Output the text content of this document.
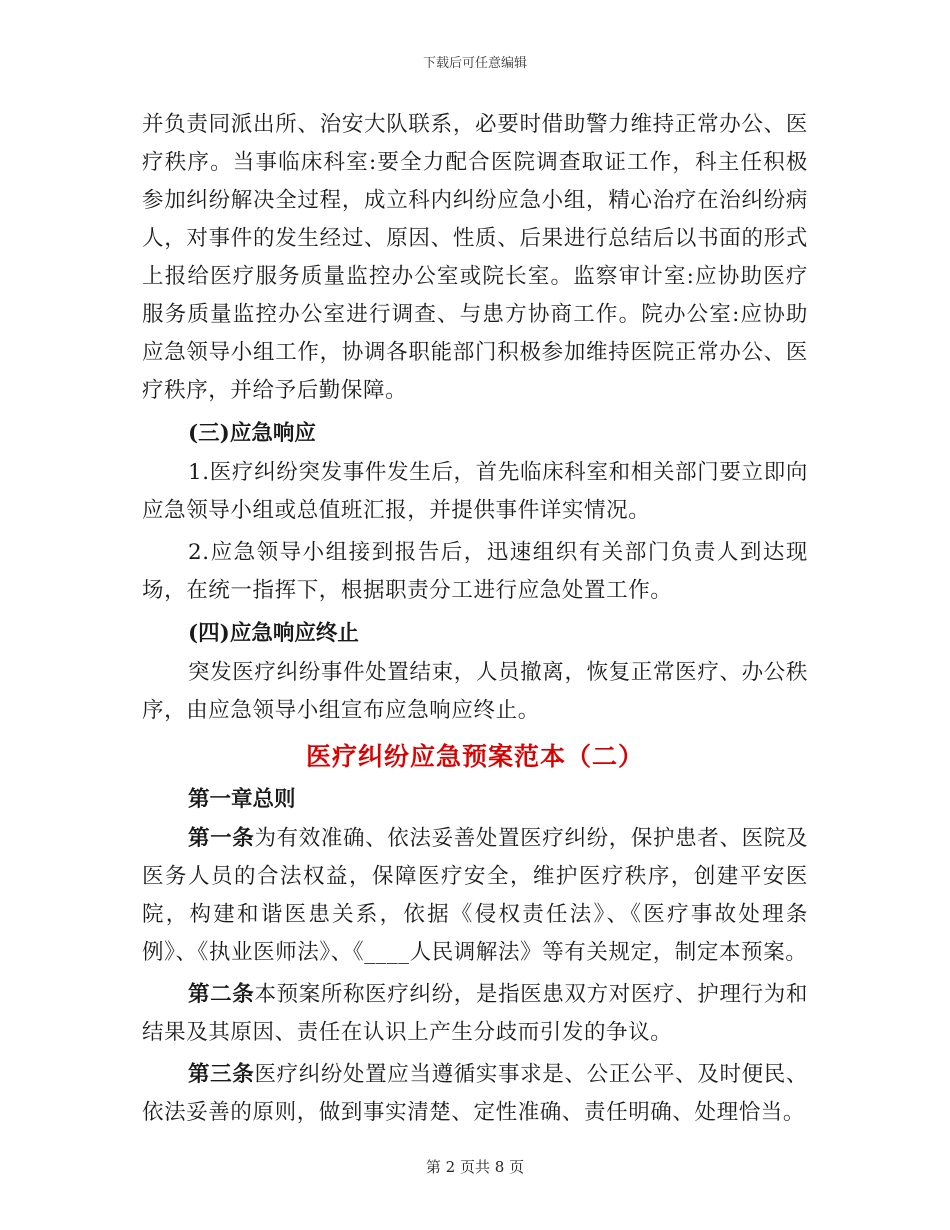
下载后可任意编辑

并负责同派出所、治安大队联系，必要时借助警力维持正常办公、医疗秩序。当事临床科室:要全力配合医院调查取证工作，科主任积极参加纠纷解决全过程，成立科内纠纷应急小组，精心治疗在治纠纷病人，对事件的发生经过、原因、性质、后果进行总结后以书面的形式上报给医疗服务质量监控办公室或院长室。监察审计室:应协助医疗服务质量监控办公室进行调查、与患方协商工作。院办公室:应协助应急领导小组工作，协调各职能部门积极参加维持医院正常办公、医疗秩序，并给予后勤保障。

(三)应急响应

1.医疗纠纷突发事件发生后，首先临床科室和相关部门要立即向应急领导小组或总值班汇报，并提供事件详实情况。

2.应急领导小组接到报告后，迅速组织有关部门负责人到达现场，在统一指挥下，根据职责分工进行应急处置工作。

(四)应急响应终止

突发医疗纠纷事件处置结束，人员撤离，恢复正常医疗、办公秩序，由应急领导小组宣布应急响应终止。

医疗纠纷应急预案范本（二）

第一章总则

第一条为有效准确、依法妥善处置医疗纠纷，保护患者、医院及医务人员的合法权益，保障医疗安全，维护医疗秩序，创建平安医院，构建和谐医患关系，依据《侵权责任法》、《医疗事故处理条例》、《执业医师法》、《____人民调解法》等有关规定，制定本预案。

第二条本预案所称医疗纠纷，是指医患双方对医疗、护理行为和结果及其原因、责任在认识上产生分歧而引发的争议。

第三条医疗纠纷处置应当遵循实事求是、公正公平、及时便民、依法妥善的原则，做到事实清楚、定性准确、责任明确、处理恰当。

第 2 页共 8 页
